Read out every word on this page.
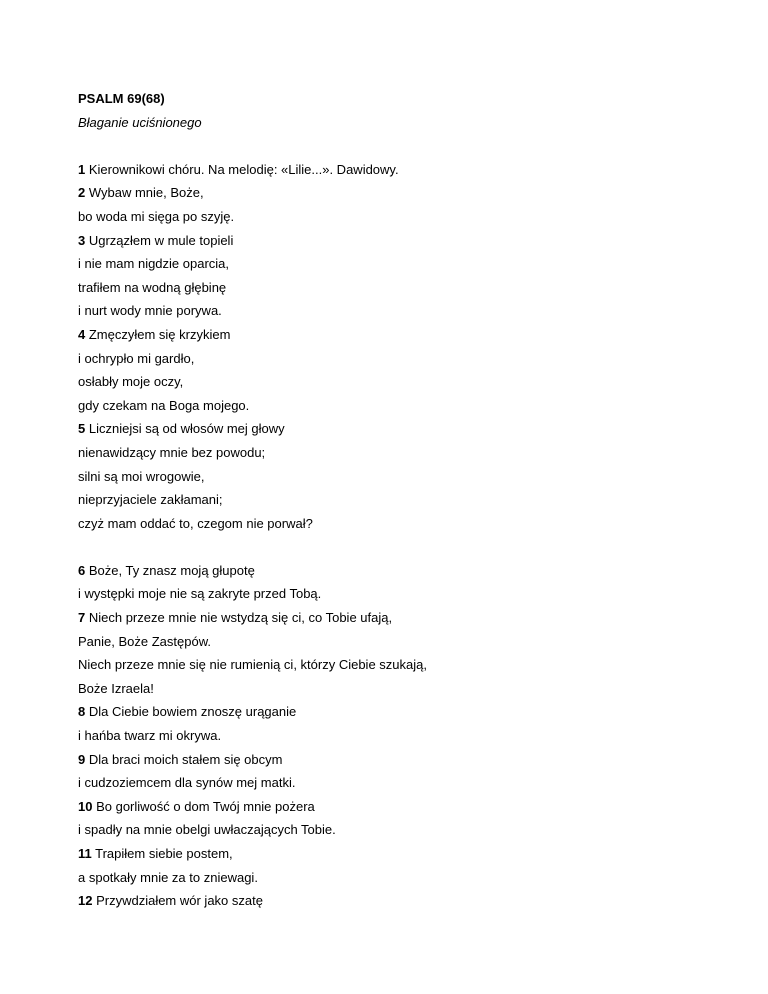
PSALM 69(68)
Błaganie uciśnionego
1 Kierownikowi chóru. Na melodię: «Lilie...». Dawidowy.
2 Wybaw mnie, Boże,
bo woda mi sięga po szyję.
3 Ugrzązłem w mule topieli
i nie mam nigdzie oparcia,
trafiłem na wodną głębinę
i nurt wody mnie porywa.
4 Zmęczyłem się krzykiem
i ochrypło mi gardło,
osłabły moje oczy,
gdy czekam na Boga mojego.
5 Liczniejsi są od włosów mej głowy
nienawidzący mnie bez powodu;
silni są moi wrogowie,
nieprzyjaciele zakłamani;
czyż mam oddać to, czegom nie porwał?
6 Boże, Ty znasz moją głupotę
i występki moje nie są zakryte przed Tobą.
7 Niech przeze mnie nie wstydzą się ci, co Tobie ufają,
Panie, Boże Zastępów.
Niech przeze mnie się nie rumienią ci, którzy Ciebie szukają,
Boże Izraela!
8 Dla Ciebie bowiem znoszę urąganie
i hańba twarz mi okrywa.
9 Dla braci moich stałem się obcym
i cudzoziemcem dla synów mej matki.
10 Bo gorliwość o dom Twój mnie pożera
i spadły na mnie obelgi uwłaczających Tobie.
11 Trapiłem siebie postem,
a spotkały mnie za to zniewagi.
12 Przywdziałem wór jako szatę
